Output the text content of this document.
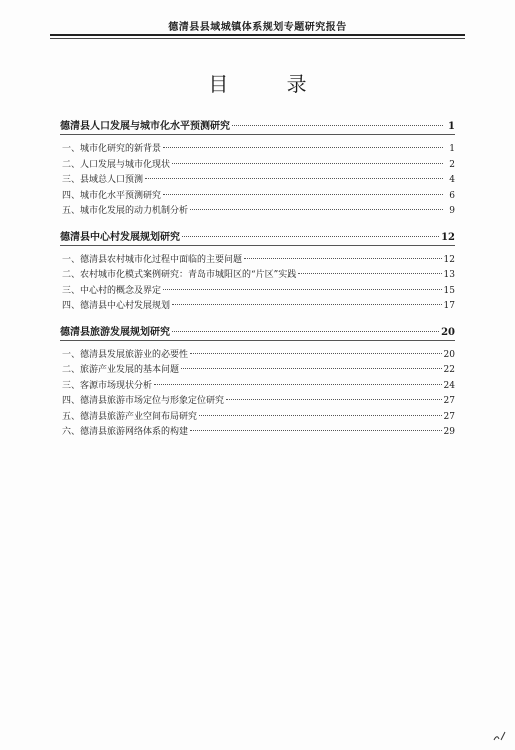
德清县县域城镇体系规划专题研究报告
目 录
德清县人口发展与城市化水平预测研究	1
一、城市化研究的新背景	1
二、人口发展与城市化现状	2
三、县域总人口预测	4
四、城市化水平预测研究	6
五、城市化发展的动力机制分析	9
德清县中心村发展规划研究	12
一、德清县农村城市化过程中面临的主要问题	12
二、农村城市化模式案例研究：青岛市城阳区的“片区”实践	13
三、中心村的概念及界定	15
四、德清县中心村发展规划	17
德清县旅游发展规划研究	20
一、德清县发展旅游业的必要性	20
二、旅游产业发展的基本问题	22
三、客源市场现状分析	24
四、德清县旅游市场定位与形象定位研究	27
五、德清县旅游产业空间布局研究	27
六、德清县旅游网络体系的构建	29
